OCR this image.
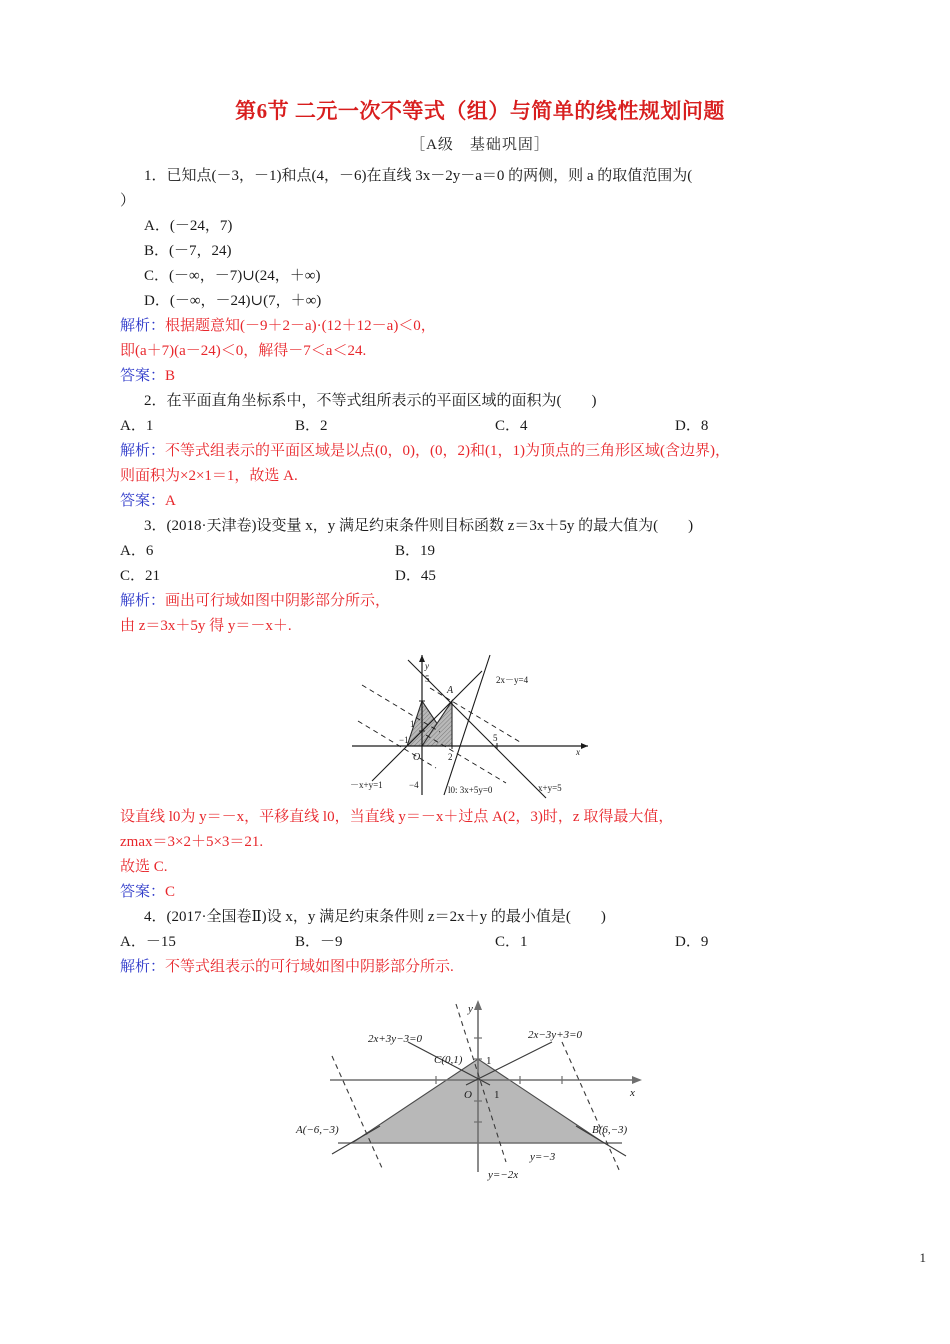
第6节 二元一次不等式（组）与简单的线性规划问题
［A级　基础巩固］
1．已知点(－3，－1)和点(4，－6)在直线 3x－2y－a＝0 的两侧，则 a 的取值范围为(
）
A．(－24，7)
B．(－7，24)
C．(－∞，－7)∪(24，＋∞)
D．(－∞，－24)∪(7，＋∞)
解析：根据题意知(－9＋2－a)·(12＋12－a)＜0，
即(a＋7)(a－24)＜0，解得－7＜a＜24.
答案：B
2．在平面直角坐标系中，不等式组所表示的平面区域的面积为(　　)
A．1	B．2	C．4	D．8
解析：不等式组表示的平面区域是以点(0，0)，(0，2)和(1，1)为顶点的三角形区域(含边界)，
则面积为×2×1＝1，故选 A.
答案：A
3．(2018·天津卷)设变量 x，y 满足约束条件则目标函数 z＝3x＋5y 的最大值为(　　)
A．6	B．19
C．21	D．45
解析：画出可行域如图中阴影部分所示，
由 z＝3x＋5y 得 y＝－x＋.
y
x
5
1
2
5
−1
−4
O
A
2x－y=4
－x+y=1	l0: 3x+5y=0	x+y=5
设直线 l0为 y＝－x，平移直线 l0，当直线 y＝－x＋过点 A(2，3)时，z 取得最大值，
zmax＝3×2＋5×3＝21.
故选 C.
答案：C
4．(2017·全国卷Ⅱ)设 x，y 满足约束条件则 z＝2x＋y 的最小值是(　　)
A．－15	B．－9	C．1	D．9
解析：不等式组表示的可行域如图中阴影部分所示.
y
x
1
1
O
C(0,1)
A(−6,−3)	B(6,−3)
2x+3y−3=0	2x−3y+3=0
y=−3
y=−2x
1
